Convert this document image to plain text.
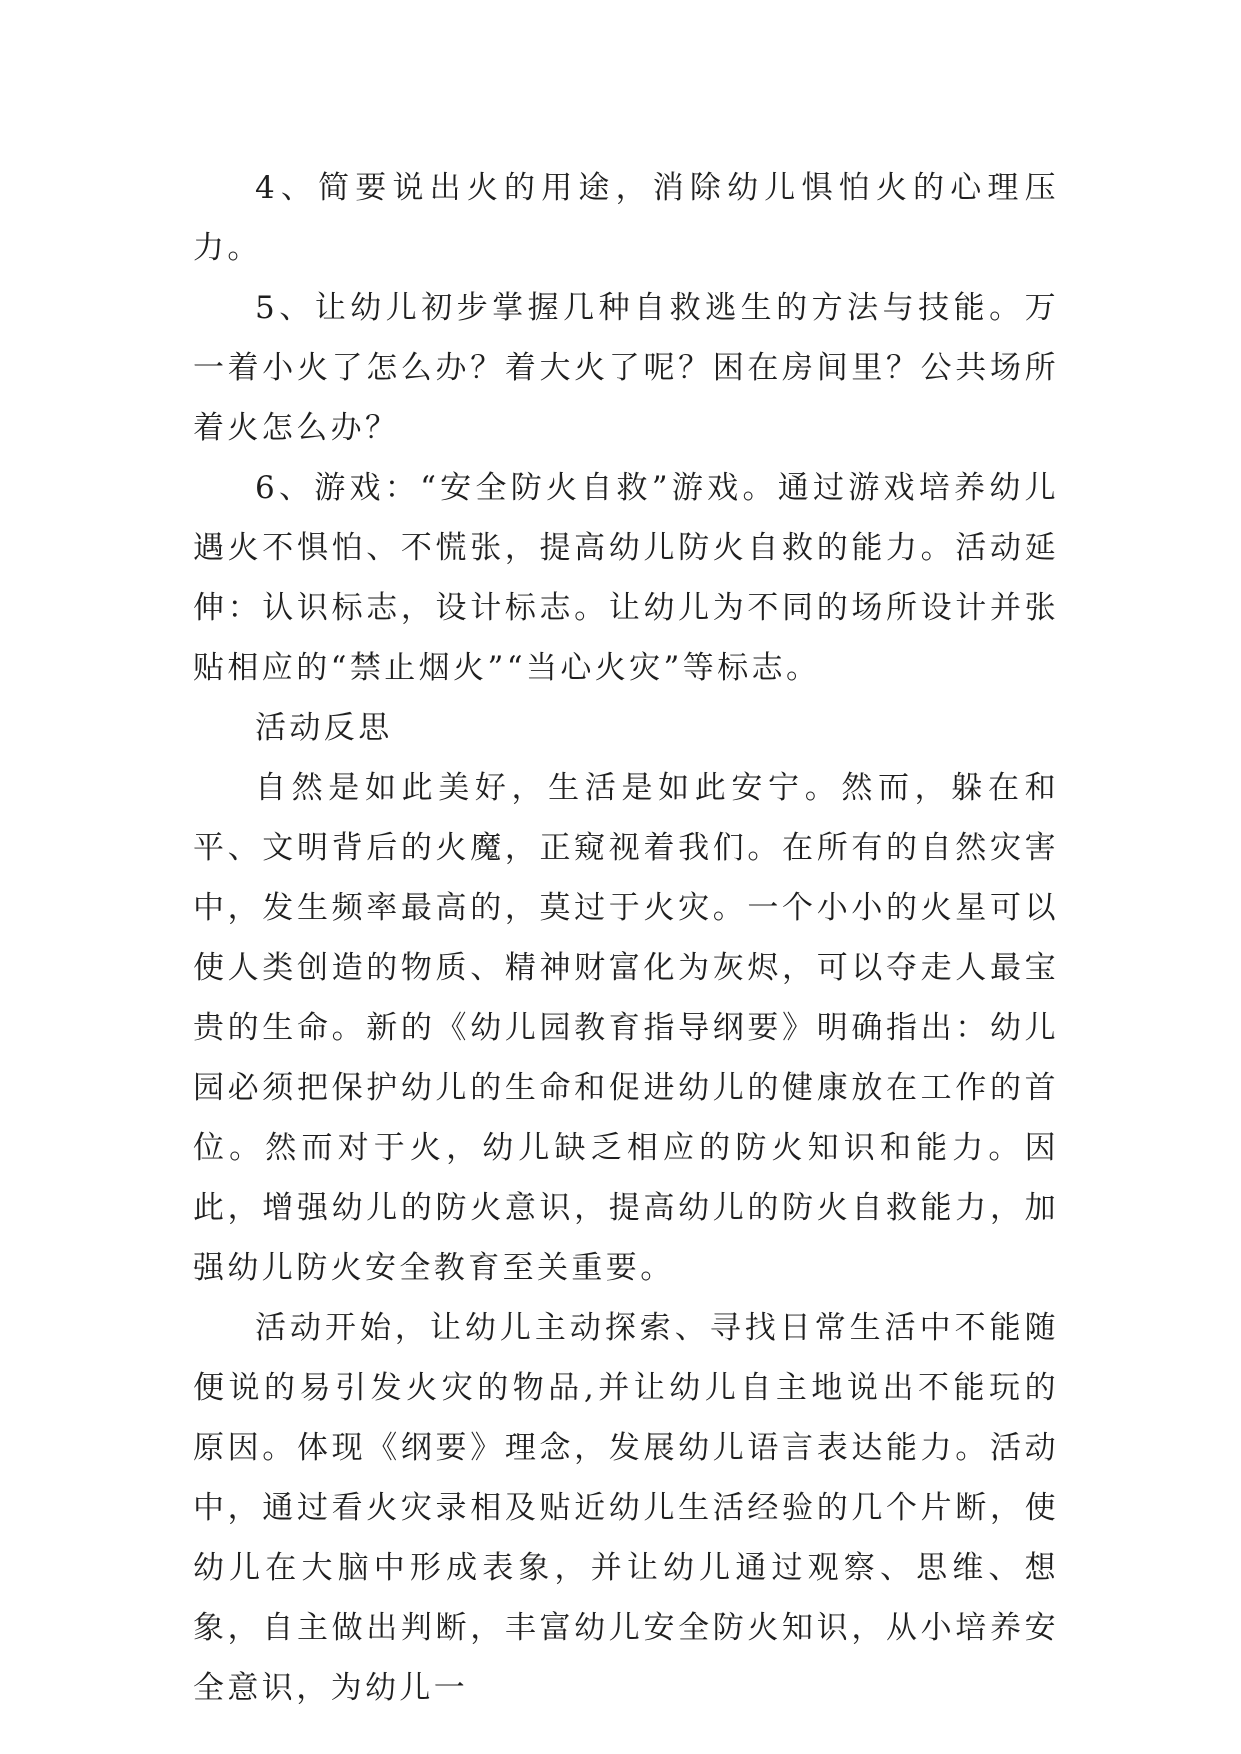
4、简要说出火的用途，消除幼儿惧怕火的心理压力。

5、让幼儿初步掌握几种自救逃生的方法与技能。万一着小火了怎么办？着大火了呢？困在房间里？公共场所着火怎么办？

6、游戏：“安全防火自救”游戏。通过游戏培养幼儿遇火不惧怕、不慌张，提高幼儿防火自救的能力。活动延伸：认识标志，设计标志。让幼儿为不同的场所设计并张贴相应的“禁止烟火”“当心火灾”等标志。

活动反思

自然是如此美好，生活是如此安宁。然而，躲在和平、文明背后的火魔，正窥视着我们。在所有的自然灾害中，发生频率最高的，莫过于火灾。一个小小的火星可以使人类创造的物质、精神财富化为灰烬，可以夺走人最宝贵的生命。新的《幼儿园教育指导纲要》明确指出：幼儿园必须把保护幼儿的生命和促进幼儿的健康放在工作的首位。然而对于火，幼儿缺乏相应的防火知识和能力。因此，增强幼儿的防火意识，提高幼儿的防火自救能力，加强幼儿防火安全教育至关重要。

活动开始，让幼儿主动探索、寻找日常生活中不能随便说的易引发火灾的物品,并让幼儿自主地说出不能玩的原因。体现《纲要》理念，发展幼儿语言表达能力。活动中，通过看火灾录相及贴近幼儿生活经验的几个片断，使幼儿在大脑中形成表象，并让幼儿通过观察、思维、想象，自主做出判断，丰富幼儿安全防火知识，从小培养安全意识，为幼儿一
